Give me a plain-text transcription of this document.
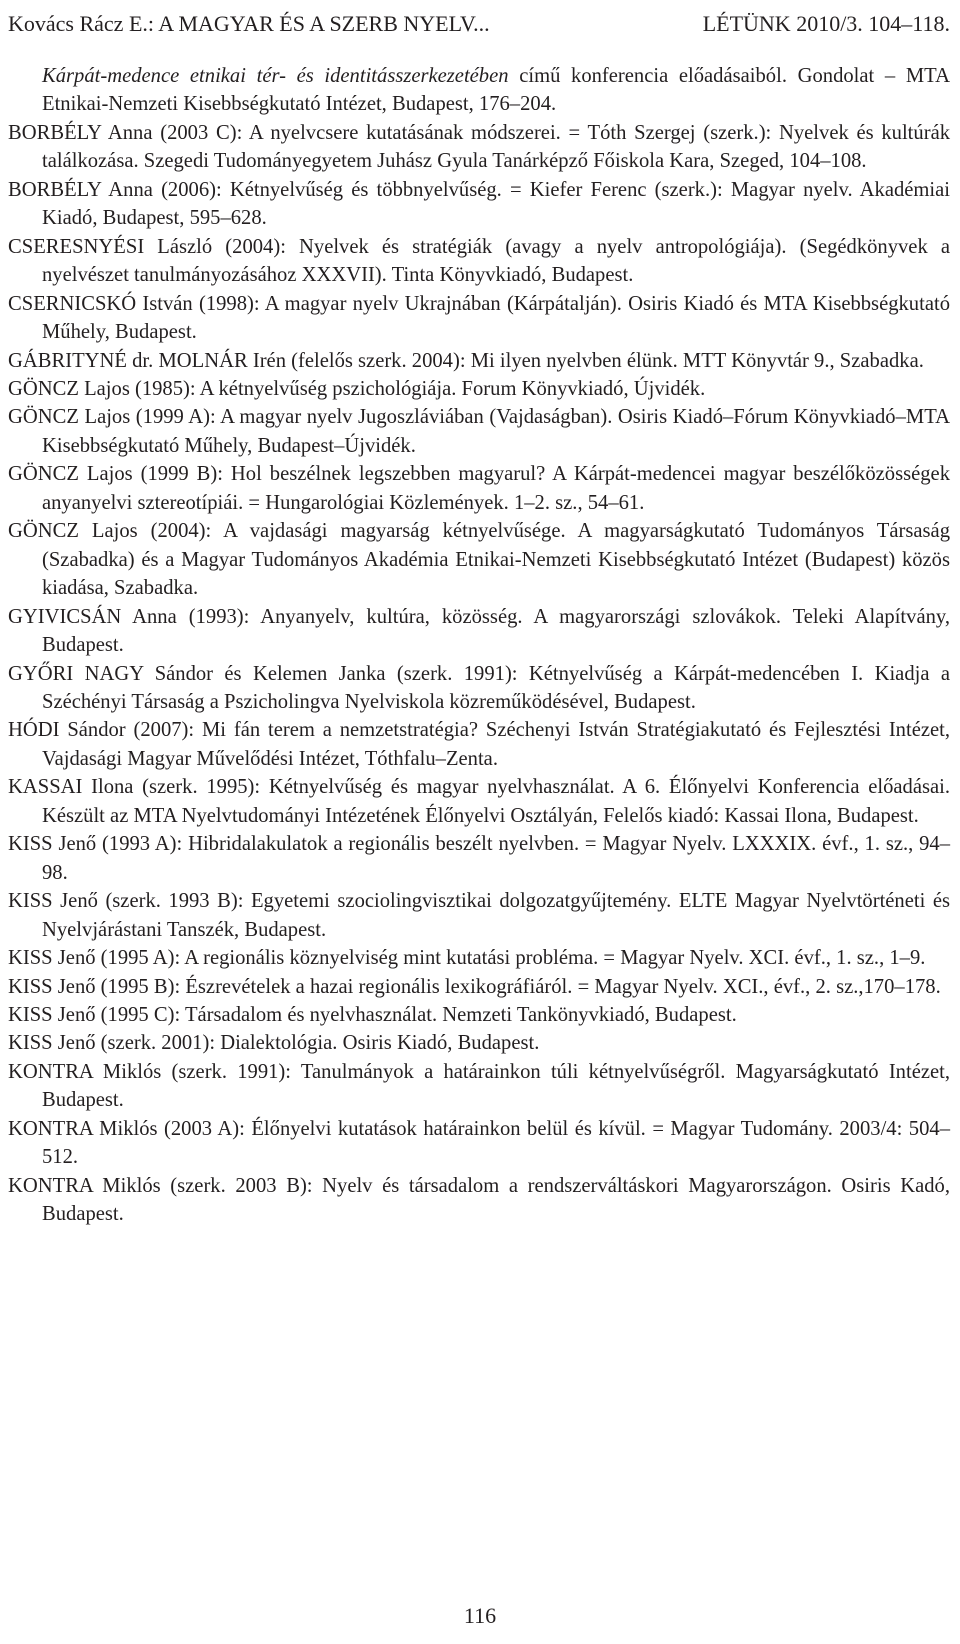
Kovács Rácz E.: A MAGYAR ÉS A SZERB NYELV...	LÉTÜNK 2010/3. 104–118.

Kárpát-medence etnikai tér- és identitásszerkezetében című konferencia előadásaiból. Gondolat – MTA Etnikai-Nemzeti Kisebbségkutató Intézet, Budapest, 176–204.

BORBÉLY Anna (2003 C): A nyelvcsere kutatásának módszerei. = Tóth Szergej (szerk.): Nyelvek és kultúrák találkozása. Szegedi Tudományegyetem Juhász Gyula Tanárképző Főiskola Kara, Szeged, 104–108.

BORBÉLY Anna (2006): Kétnyelvűség és többnyelvűség. = Kiefer Ferenc (szerk.): Magyar nyelv. Akadémiai Kiadó, Budapest, 595–628.

CSERESNYÉSI László (2004): Nyelvek és stratégiák (avagy a nyelv antropológiája). (Segédkönyvek a nyelvészet tanulmányozásához XXXVII). Tinta Könyvkiadó, Budapest.

CSERNICSKÓ István (1998): A magyar nyelv Ukrajnában (Kárpátalján). Osiris Kiadó és MTA Kisebbségkutató Műhely, Budapest.

GÁBRITYNÉ dr. MOLNÁR Irén (felelős szerk. 2004): Mi ilyen nyelvben élünk. MTT Könyvtár 9., Szabadka.

GÖNCZ Lajos (1985): A kétnyelvűség pszichológiája. Forum Könyvkiadó, Újvidék.

GÖNCZ Lajos (1999 A): A magyar nyelv Jugoszláviában (Vajdaságban). Osiris Kiadó–Fórum Könyvkiadó–MTA Kisebbségkutató Műhely, Budapest–Újvidék.

GÖNCZ Lajos (1999 B): Hol beszélnek legszebben magyarul? A Kárpát-medencei magyar beszélőközösségek anyanyelvi sztereotípiái. = Hungarológiai Közlemények. 1–2. sz., 54–61.

GÖNCZ Lajos (2004): A vajdasági magyarság kétnyelvűsége. A magyarságkutató Tudományos Társaság (Szabadka) és a Magyar Tudományos Akadémia Etnikai-Nemzeti Kisebbségkutató Intézet (Budapest) közös kiadása, Szabadka.

GYIVICSÁN Anna (1993): Anyanyelv, kultúra, közösség. A magyarországi szlovákok. Teleki Alapítvány, Budapest.

GYŐRI NAGY Sándor és Kelemen Janka (szerk. 1991): Kétnyelvűség a Kárpát-medencében I. Kiadja a Széchényi Társaság a Pszicholingva Nyelviskola közreműködésével, Budapest.

HÓDI Sándor (2007): Mi fán terem a nemzetstratégia? Széchenyi István Stratégiakutató és Fejlesztési Intézet, Vajdasági Magyar Művelődési Intézet, Tóthfalu–Zenta.

KASSAI Ilona (szerk. 1995): Kétnyelvűség és magyar nyelvhasználat. A 6. Élőnyelvi Konferencia előadásai. Készült az MTA Nyelvtudományi Intézetének Élőnyelvi Osztályán, Felelős kiadó: Kassai Ilona, Budapest.

KISS Jenő (1993 A): Hibridalakulatok a regionális beszélt nyelvben. = Magyar Nyelv. LXXXIX. évf., 1. sz., 94–98.

KISS Jenő (szerk. 1993 B): Egyetemi szociolingvisztikai dolgozatgyűjtemény. ELTE Magyar Nyelvtörténeti és Nyelvjárástani Tanszék, Budapest.

KISS Jenő (1995 A): A regionális köznyelviség mint kutatási probléma. = Magyar Nyelv. XCI. évf., 1. sz., 1–9.

KISS Jenő (1995 B): Észrevételek a hazai regionális lexikográfiáról. = Magyar Nyelv. XCI., évf., 2. sz.,170–178.

KISS Jenő (1995 C): Társadalom és nyelvhasználat. Nemzeti Tankönyvkiadó, Budapest.

KISS Jenő (szerk. 2001): Dialektológia. Osiris Kiadó, Budapest.

KONTRA Miklós (szerk. 1991): Tanulmányok a határainkon túli kétnyelvűségről. Magyarságkutató Intézet, Budapest.

KONTRA Miklós (2003 A): Élőnyelvi kutatások határainkon belül és kívül. = Magyar Tudomány. 2003/4: 504–512.

KONTRA Miklós (szerk. 2003 B): Nyelv és társadalom a rendszerváltáskori Magyarországon. Osiris Kadó, Budapest.

116
